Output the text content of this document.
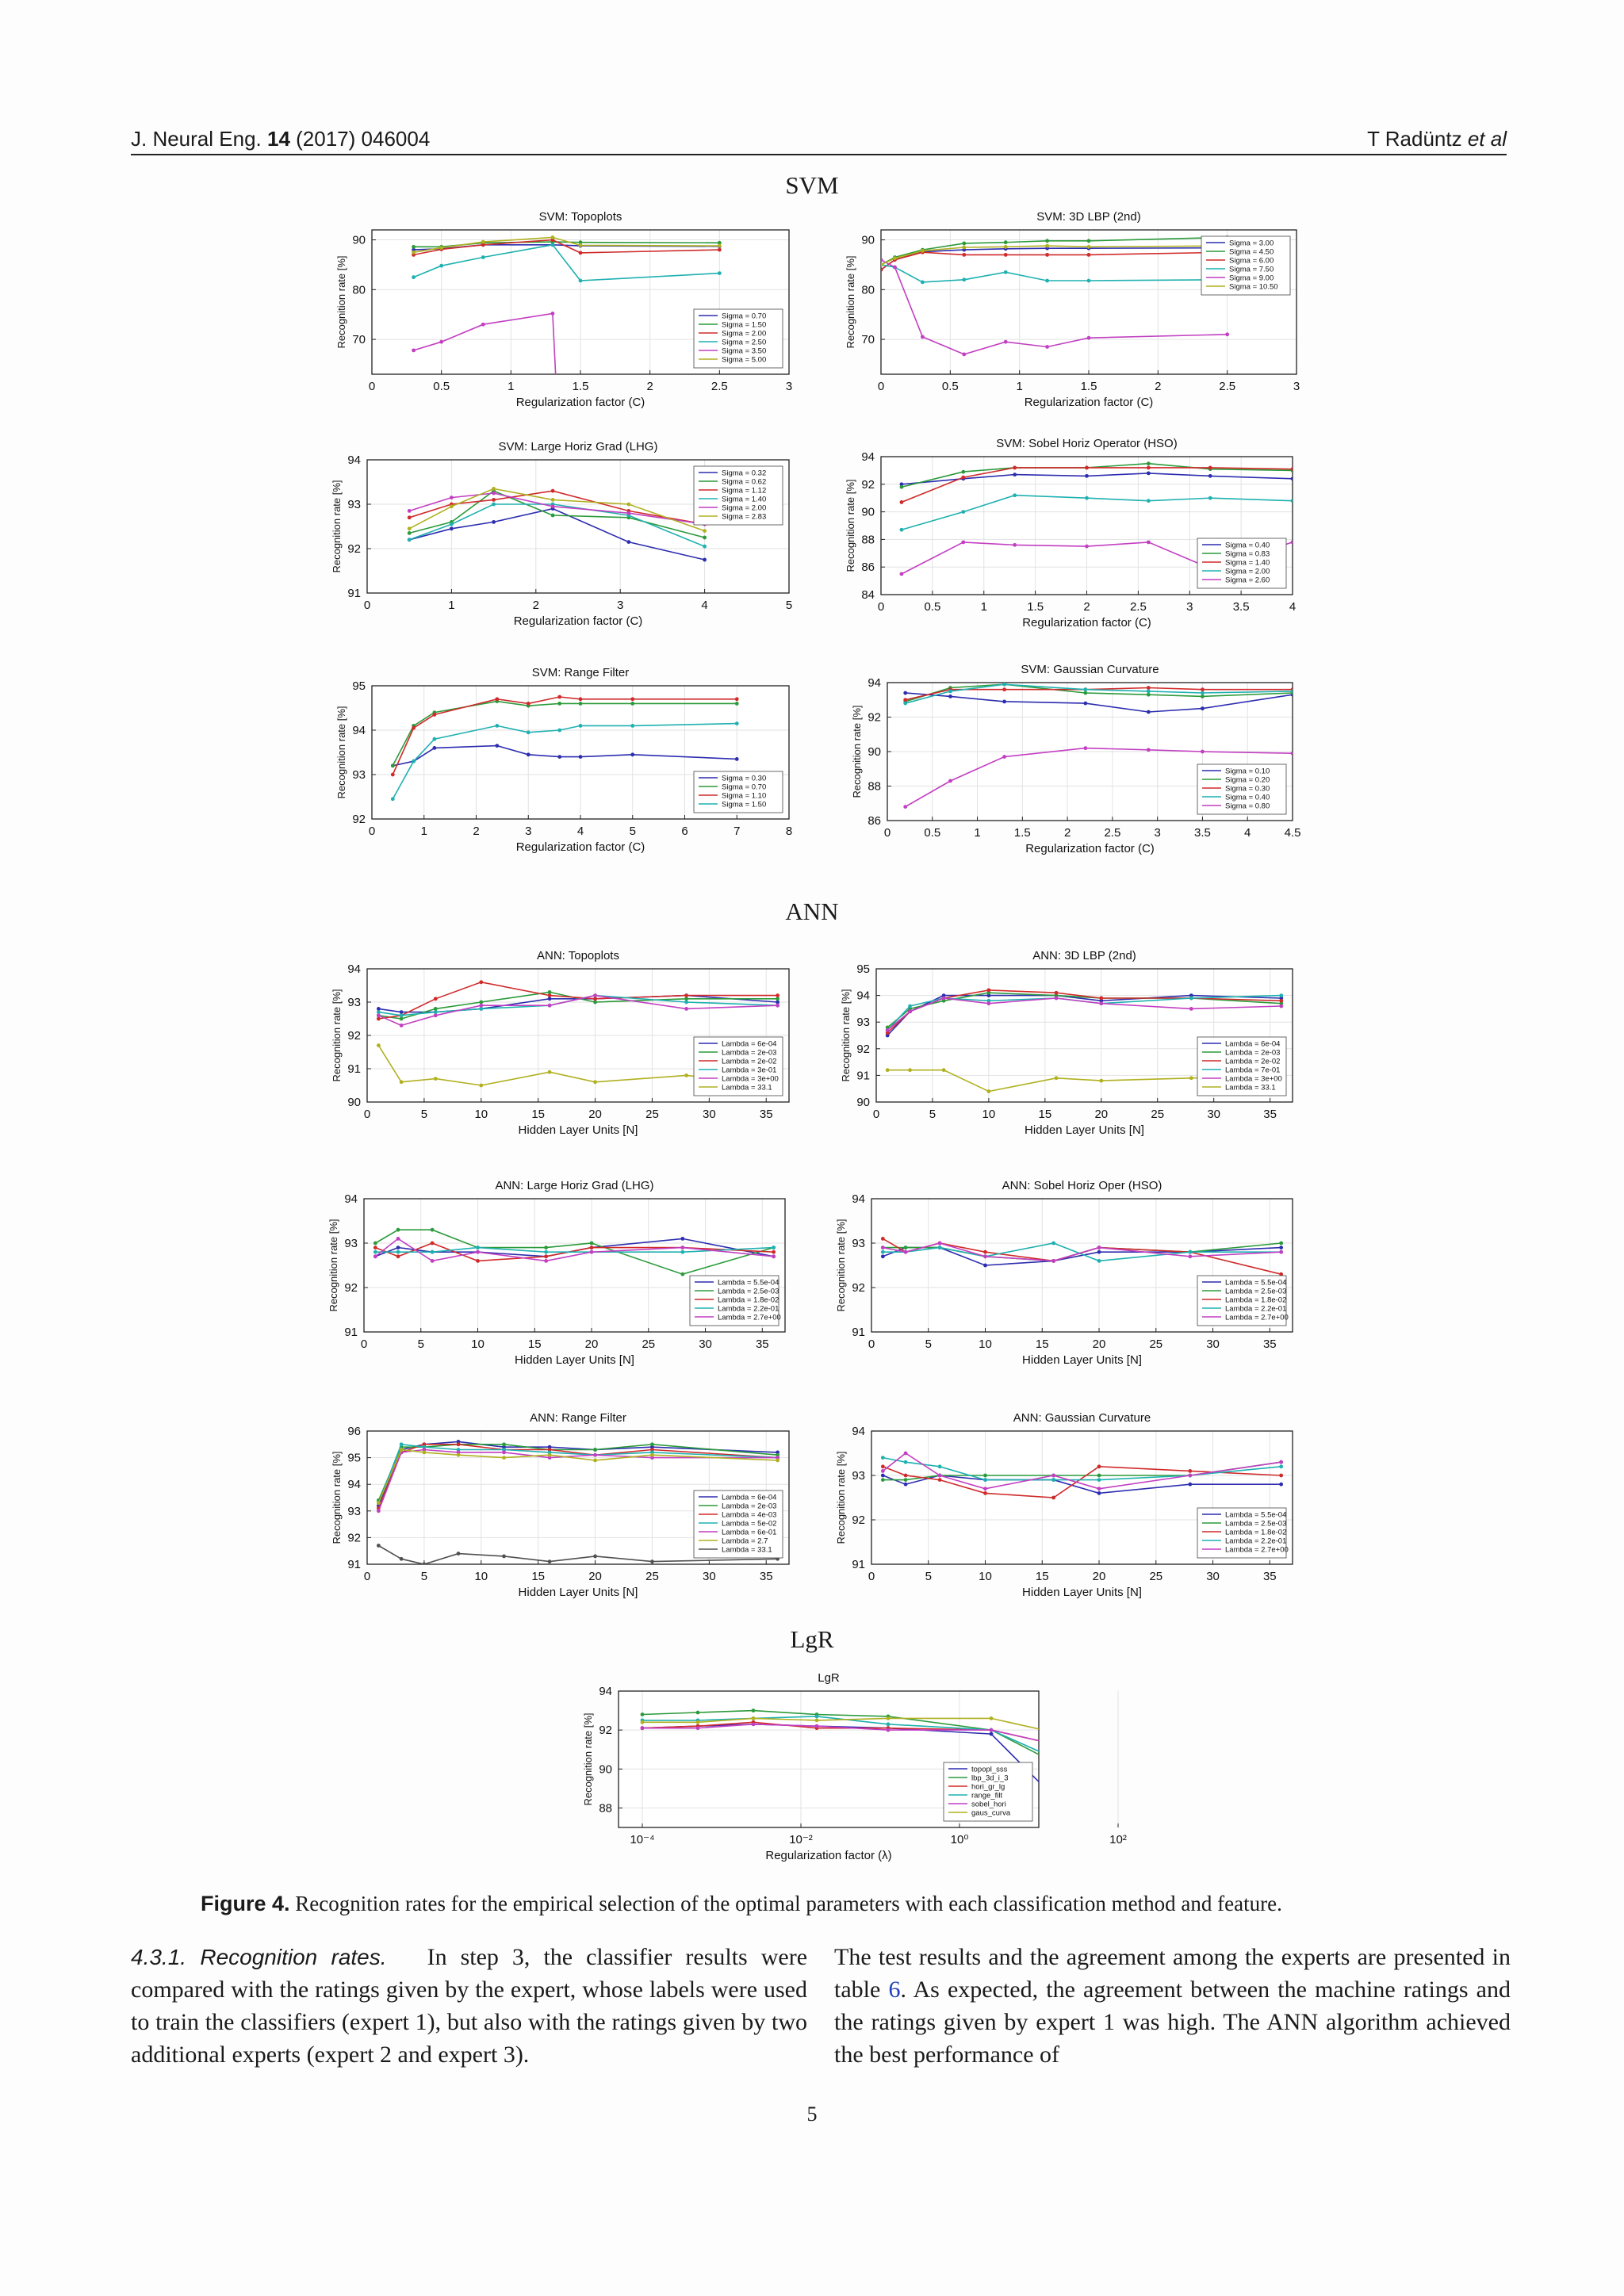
J. Neural Eng. 14 (2017) 046004	T Radüntz et al
SVM
ANN
LgR
0	0.5	1	1.5	2	2.5	3
70
80
90
SVM: Topoplots
Regularization factor (C)
Recognition rate [%]	Sigma = 0.70
Sigma = 1.50
Sigma = 2.00
Sigma = 2.50
Sigma = 3.50
Sigma = 5.00
0	0.5	1	1.5	2	2.5	3
70
80
90
SVM: 3D LBP (2nd)
Regularization factor (C)
Recognition rate [%]
Sigma = 3.00
Sigma = 4.50
Sigma = 6.00
Sigma = 7.50
Sigma = 9.00
Sigma = 10.50
0	1	2	3	4	5
91
92
93
94
SVM: Large Horiz Grad (LHG)
Regularization factor (C)
Recognition rate [%]
Sigma = 0.32
Sigma = 0.62
Sigma = 1.12
Sigma = 1.40
Sigma = 2.00
Sigma = 2.83
0	0.5	1	1.5	2	2.5	3	3.5	4
84
86
88
90
92
94
SVM: Sobel Horiz Operator (HSO)
Regularization factor (C)
Recognition rate [%]	Sigma = 0.40
Sigma = 0.83
Sigma = 1.40
Sigma = 2.00
Sigma = 2.60
0	1	2	3	4	5	6	7	8
92
93
94
95
SVM: Range Filter
Regularization factor (C)
Recognition rate [%]	Sigma = 0.30
Sigma = 0.70
Sigma = 1.10
Sigma = 1.50
0	0.5	1	1.5	2	2.5	3	3.5	4	4.5
86
88
90
92
94
SVM: Gaussian Curvature
Regularization factor (C)
Recognition rate [%]	Sigma = 0.10
Sigma = 0.20
Sigma = 0.30
Sigma = 0.40
Sigma = 0.80
0	5	10	15	20	25	30	35
90
91
92
93
94
ANN: Topoplots
Hidden Layer Units [N]
Recognition rate [%]	Lambda = 6e-04
Lambda = 2e-03
Lambda = 2e-02
Lambda = 3e-01
Lambda = 3e+00
Lambda = 33.1
0	5	10	15	20	25	30	35
90
91
92
93
94
95
ANN: 3D LBP (2nd)
Hidden Layer Units [N]
Recognition rate [%]	Lambda = 6e-04
Lambda = 2e-03
Lambda = 2e-02
Lambda = 7e-01
Lambda = 3e+00
Lambda = 33.1
0	5	10	15	20	25	30	35
91
92
93
94
ANN: Large Horiz Grad (LHG)
Hidden Layer Units [N]
Recognition rate [%]	Lambda = 5.5e-04
Lambda = 2.5e-03
Lambda = 1.8e-02
Lambda = 2.2e-01
Lambda = 2.7e+00
0	5	10	15	20	25	30	35
91
92
93
94
ANN: Sobel Horiz Oper (HSO)
Hidden Layer Units [N]
Recognition rate [%]	Lambda = 5.5e-04
Lambda = 2.5e-03
Lambda = 1.8e-02
Lambda = 2.2e-01
Lambda = 2.7e+00
0	5	10	15	20	25	30	35
91
92
93
94
95
96
ANN: Range Filter
Hidden Layer Units [N]
Recognition rate [%]	Lambda = 6e-04
Lambda = 2e-03
Lambda = 4e-03
Lambda = 5e-02
Lambda = 6e-01
Lambda = 2.7
Lambda = 33.1
0	5	10	15	20	25	30	35
91
92
93
94
ANN: Gaussian Curvature
Hidden Layer Units [N]
Recognition rate [%]	Lambda = 5.5e-04
Lambda = 2.5e-03
Lambda = 1.8e-02
Lambda = 2.2e-01
Lambda = 2.7e+00
10⁻⁴	10⁻²	10⁰	10²
88
90
92
94
LgR
Regularization factor (λ)
Recognition rate [%]	topopl_sss
lbp_3d_i_3
hori_gr_lg
range_filt
sobel_hori
gaus_curva
Figure 4. Recognition rates for the empirical selection of the optimal parameters with each classification method and feature.
4.3.1. Recognition rates. In step 3, the classifier results were compared with the ratings given by the expert, whose labels were used to train the classifiers (expert 1), but also with the ratings given by two additional experts (expert 2 and expert 3).
The test results and the agreement among the experts are presented in table 6. As expected, the agreement between the machine ratings and the ratings given by expert 1 was high. The ANN algorithm achieved the best performance of
5
